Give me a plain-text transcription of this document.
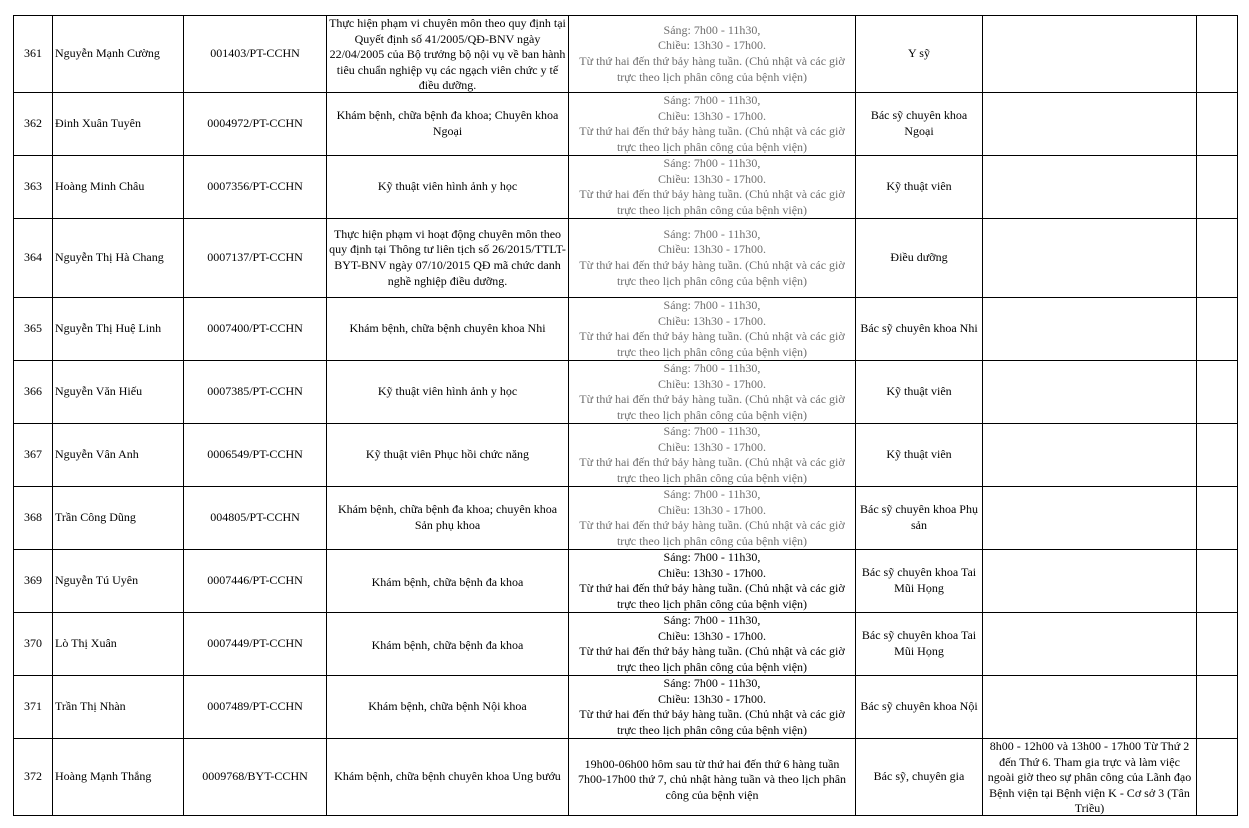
361	Nguyễn Mạnh Cường	001403/PT-CCHN	Thực hiện phạm vi chuyên môn theo quy định tại Quyết định số 41/2005/QĐ-BNV ngày 22/04/2005 của Bộ trưởng bộ nội vụ về ban hành tiêu chuẩn nghiệp vụ các ngạch viên chức y tế điều dưỡng.	Sáng: 7h00 - 11h30,
Chiều: 13h30 - 17h00.
Từ thứ hai đến thứ bảy hàng tuần. (Chủ nhật và các giờ trực theo lịch phân công của bệnh viện)	Y sỹ		

362	Đinh Xuân Tuyên	0004972/PT-CCHN	Khám bệnh, chữa bệnh đa khoa; Chuyên khoa Ngoại	Sáng: 7h00 - 11h30,
Chiều: 13h30 - 17h00.
Từ thứ hai đến thứ bảy hàng tuần. (Chủ nhật và các giờ trực theo lịch phân công của bệnh viện)	Bác sỹ chuyên khoa Ngoại		

363	Hoàng Minh Châu	0007356/PT-CCHN	Kỹ thuật viên hình ảnh y học	Sáng: 7h00 - 11h30,
Chiều: 13h30 - 17h00.
Từ thứ hai đến thứ bảy hàng tuần. (Chủ nhật và các giờ trực theo lịch phân công của bệnh viện)	Kỹ thuật viên		

364	Nguyễn Thị Hà Chang	0007137/PT-CCHN	Thực hiện phạm vi hoạt động chuyên môn theo quy định tại Thông tư liên tịch số 26/2015/TTLT-BYT-BNV ngày 07/10/2015 QĐ mã chức danh nghề nghiệp điều dưỡng.	Sáng: 7h00 - 11h30,
Chiều: 13h30 - 17h00.
Từ thứ hai đến thứ bảy hàng tuần. (Chủ nhật và các giờ trực theo lịch phân công của bệnh viện)	Điều dưỡng		

365	Nguyễn Thị Huệ Linh	0007400/PT-CCHN	Khám bệnh, chữa bệnh chuyên khoa Nhi	Sáng: 7h00 - 11h30,
Chiều: 13h30 - 17h00.
Từ thứ hai đến thứ bảy hàng tuần. (Chủ nhật và các giờ trực theo lịch phân công của bệnh viện)	Bác sỹ chuyên khoa Nhi		

366	Nguyễn Văn Hiếu	0007385/PT-CCHN	Kỹ thuật viên hình ảnh y học	Sáng: 7h00 - 11h30,
Chiều: 13h30 - 17h00.
Từ thứ hai đến thứ bảy hàng tuần. (Chủ nhật và các giờ trực theo lịch phân công của bệnh viện)	Kỹ thuật viên		

367	Nguyễn Vân Anh	0006549/PT-CCHN	Kỹ thuật viên Phục hồi chức năng	Sáng: 7h00 - 11h30,
Chiều: 13h30 - 17h00.
Từ thứ hai đến thứ bảy hàng tuần. (Chủ nhật và các giờ trực theo lịch phân công của bệnh viện)	Kỹ thuật viên		

368	Trần Công Dũng	004805/PT-CCHN	Khám bệnh, chữa bệnh đa khoa; chuyên khoa Sản phụ khoa	Sáng: 7h00 - 11h30,
Chiều: 13h30 - 17h00.
Từ thứ hai đến thứ bảy hàng tuần. (Chủ nhật và các giờ trực theo lịch phân công của bệnh viện)	Bác sỹ chuyên khoa Phụ sản		

369	Nguyễn Tú Uyên	0007446/PT-CCHN	Khám bệnh, chữa bệnh đa khoa	Sáng: 7h00 - 11h30,
Chiều: 13h30 - 17h00.
Từ thứ hai đến thứ bảy hàng tuần. (Chủ nhật và các giờ trực theo lịch phân công của bệnh viện)	Bác sỹ chuyên khoa Tai Mũi Họng		

370	Lò Thị Xuân	0007449/PT-CCHN	Khám bệnh, chữa bệnh đa khoa	Sáng: 7h00 - 11h30,
Chiều: 13h30 - 17h00.
Từ thứ hai đến thứ bảy hàng tuần. (Chủ nhật và các giờ trực theo lịch phân công của bệnh viện)	Bác sỹ chuyên khoa Tai Mũi Họng		

371	Trần Thị Nhàn	0007489/PT-CCHN	Khám bệnh, chữa bệnh Nội khoa	Sáng: 7h00 - 11h30,
Chiều: 13h30 - 17h00.
Từ thứ hai đến thứ bảy hàng tuần. (Chủ nhật và các giờ trực theo lịch phân công của bệnh viện)	Bác sỹ chuyên khoa Nội		

372	Hoàng Mạnh Thắng	0009768/BYT-CCHN	Khám bệnh, chữa bệnh chuyên khoa Ung bướu	19h00-06h00 hôm sau từ thứ hai đến thứ 6 hàng tuần 7h00-17h00 thứ 7, chủ nhật hàng tuần và theo lịch phân công của bệnh viện	Bác sỹ, chuyên gia	8h00 - 12h00 và 13h00 - 17h00 Từ Thứ 2 đến Thứ 6. Tham gia trực và làm việc ngoài giờ theo sự phân công của Lãnh đạo Bệnh viện tại Bệnh viện K - Cơ sở 3 (Tân Triều)	
